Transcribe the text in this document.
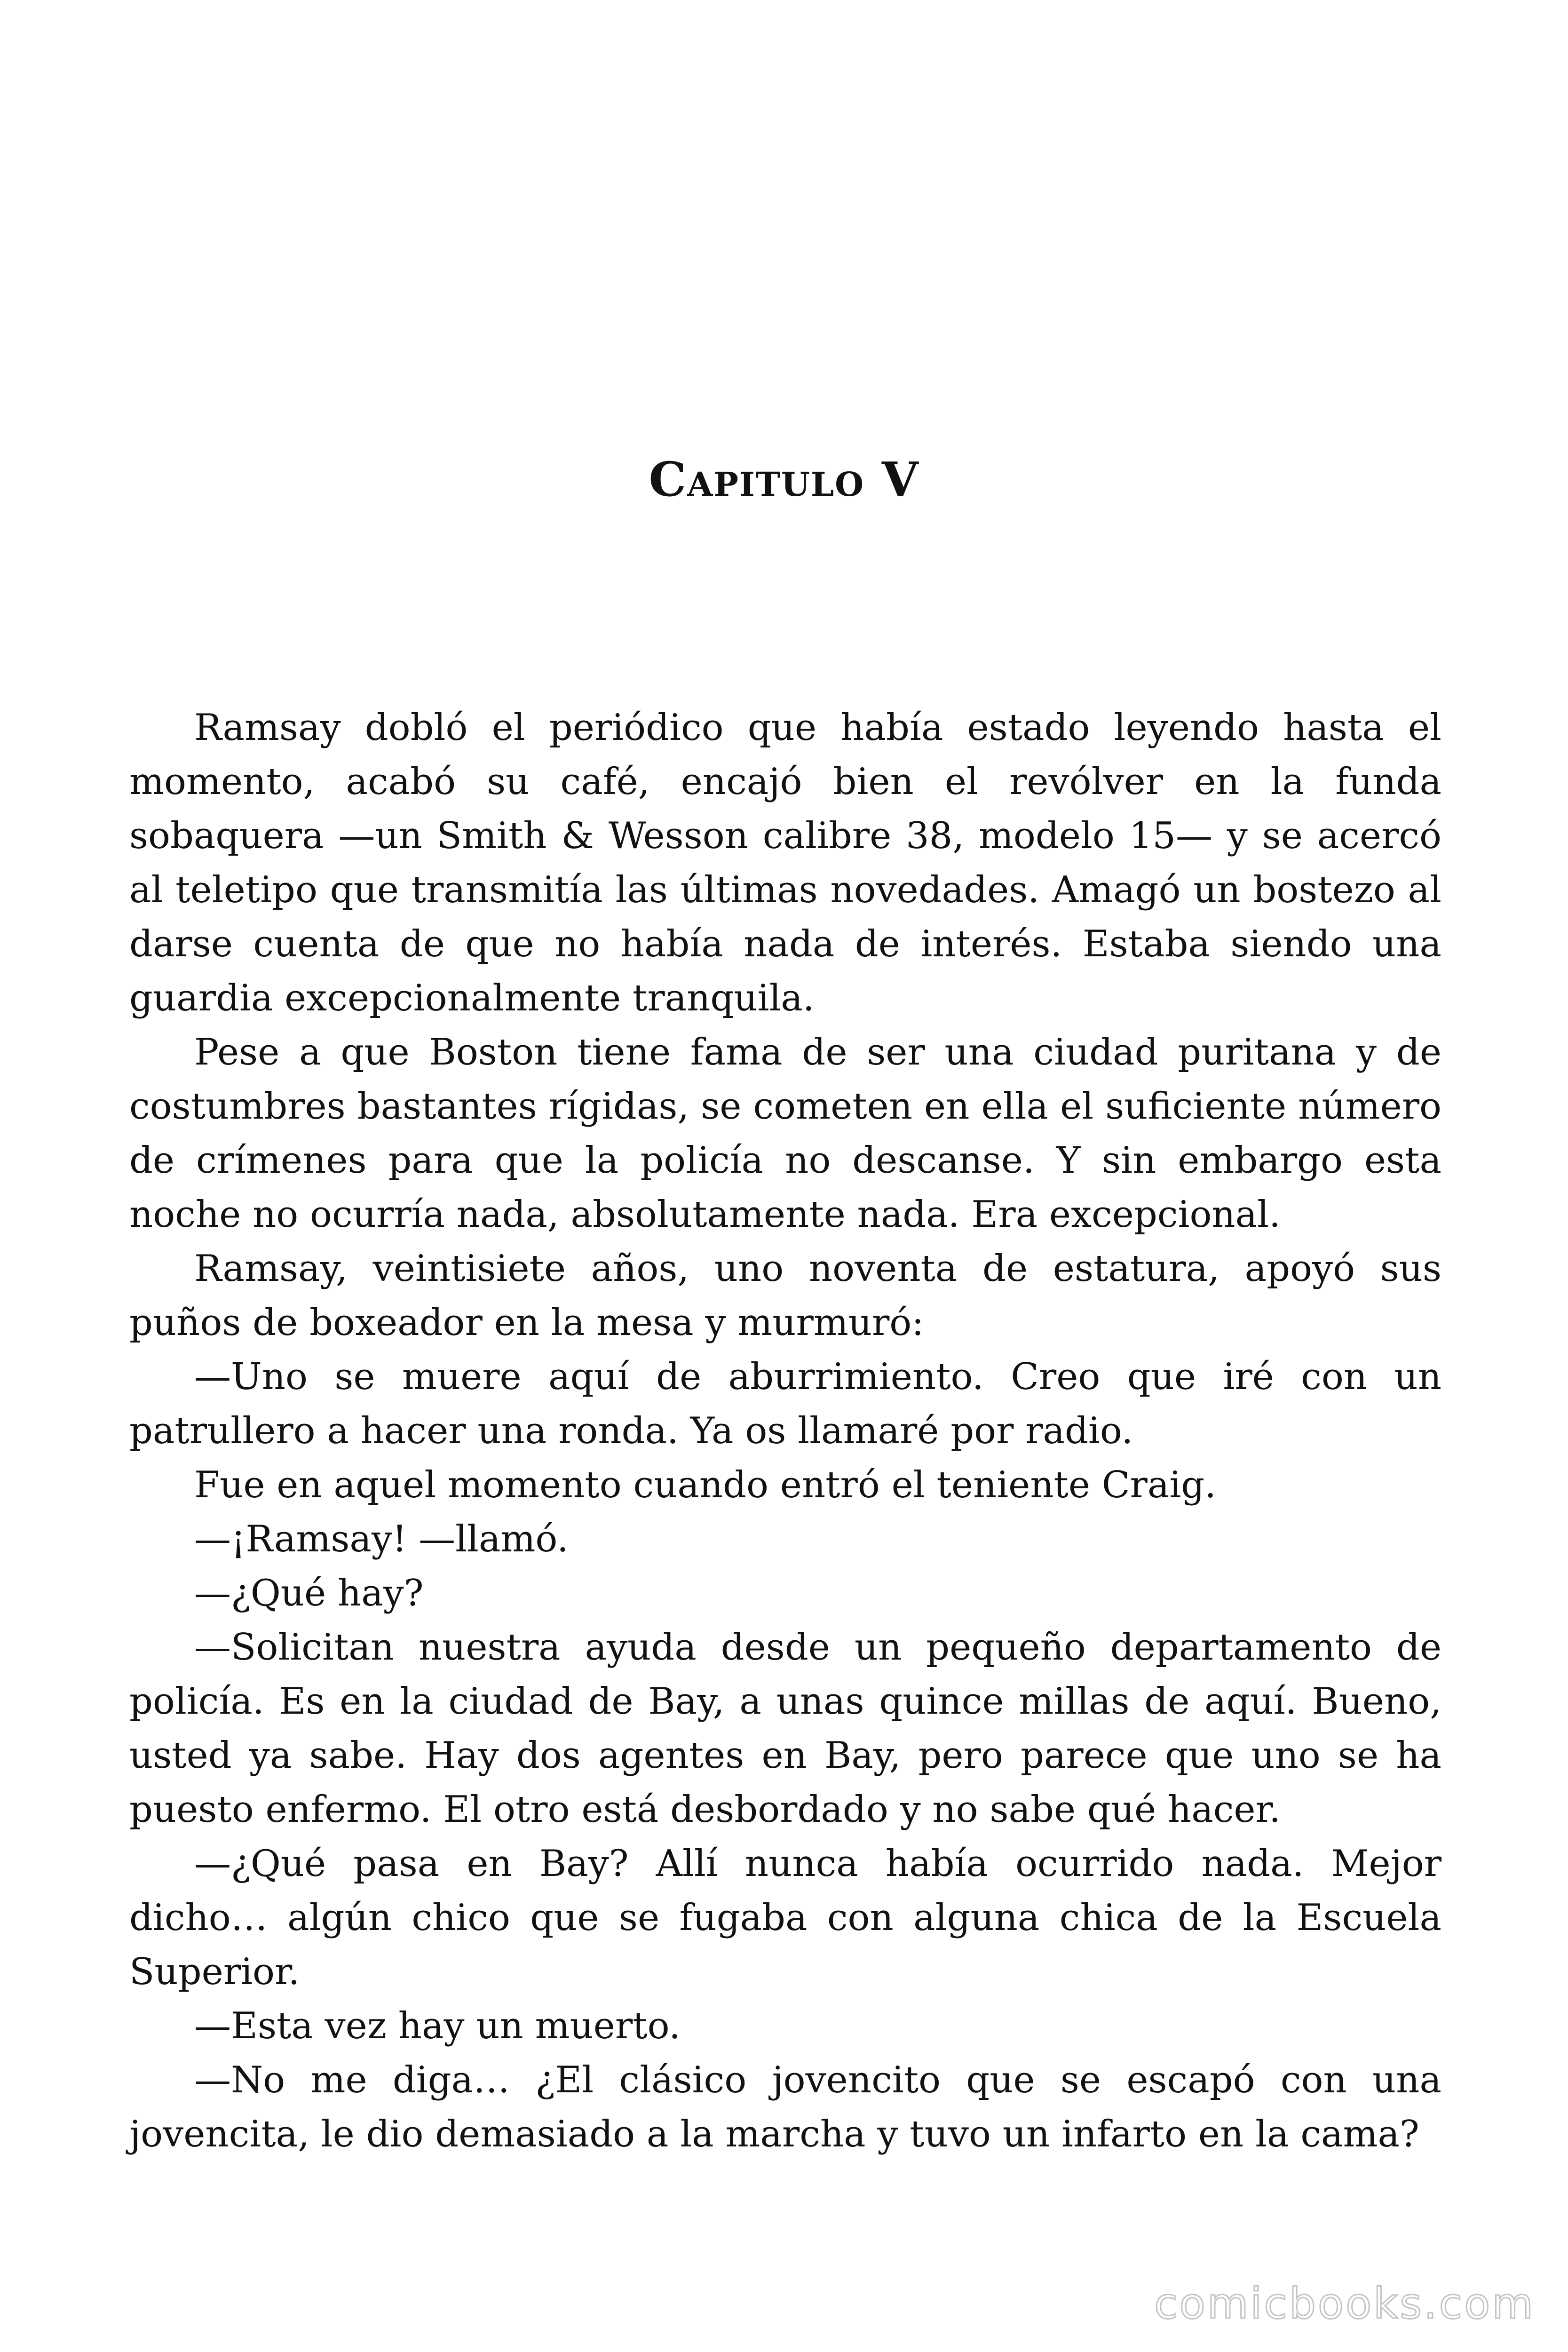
Capitulo V

Ramsay dobló el periódico que había estado leyendo hasta el momento, acabó su café, encajó bien el revólver en la funda sobaquera —un Smith & Wesson calibre 38, modelo 15— y se acercó al teletipo que transmitía las últimas novedades. Amagó un bostezo al darse cuenta de que no había nada de interés. Estaba siendo una guardia excepcionalmente tranquila.

Pese a que Boston tiene fama de ser una ciudad puritana y de costumbres bastantes rígidas, se cometen en ella el suficiente número de crímenes para que la policía no descanse. Y sin embargo esta noche no ocurría nada, absolutamente nada. Era excepcional.

Ramsay, veintisiete años, uno noventa de estatura, apoyó sus puños de boxeador en la mesa y murmuró:

—Uno se muere aquí de aburrimiento. Creo que iré con un patrullero a hacer una ronda. Ya os llamaré por radio.

Fue en aquel momento cuando entró el teniente Craig.

—¡Ramsay! —llamó.

—¿Qué hay?

—Solicitan nuestra ayuda desde un pequeño departamento de policía. Es en la ciudad de Bay, a unas quince millas de aquí. Bueno, usted ya sabe. Hay dos agentes en Bay, pero parece que uno se ha puesto enfermo. El otro está desbordado y no sabe qué hacer.

—¿Qué pasa en Bay? Allí nunca había ocurrido nada. Mejor dicho… algún chico que se fugaba con alguna chica de la Escuela Superior.

—Esta vez hay un muerto.

—No me diga… ¿El clásico jovencito que se escapó con una jovencita, le dio demasiado a la marcha y tuvo un infarto en la cama?

comicbooks.com
